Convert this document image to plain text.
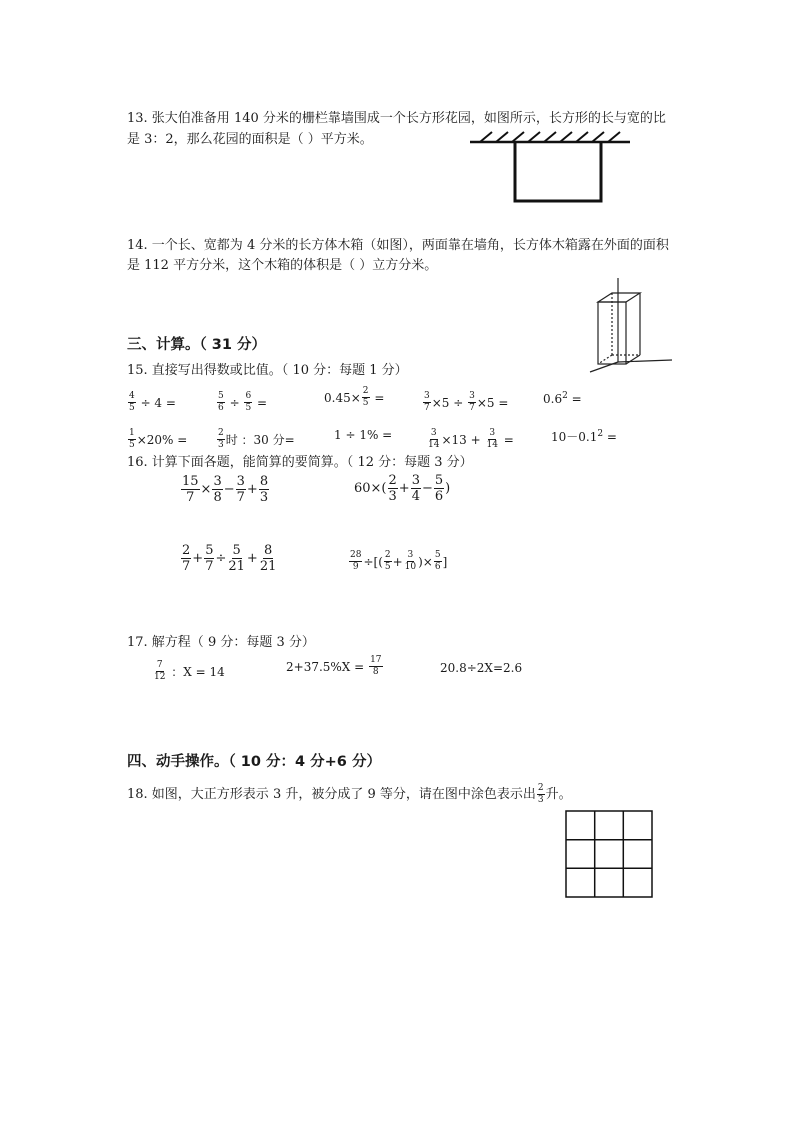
13. 张大伯准备用 140 分米的栅栏靠墙围成一个长方形花园，如图所示，长方形的长与宽的比
是 3：2，那么花园的面积是（ ）平方米。
14. 一个长、宽都为 4 分米的长方体木箱（如图），两面靠在墙角，长方体木箱露在外面的面积
是 112 平方分米，这个木箱的体积是（ ）立方分米。
三、计算。（ 31 分）
15. 直接写出得数或比值。（ 10 分：每题 1 分）
$\frac{4}{5}$
÷ 4 =	$\frac{5}{6}$
÷
$\frac{6}{5}$
=	$0.45\times \frac{2}{5}$
=	$\frac{3}{7} \times 5$ ÷
$\frac{3}{7} \times 5$ =	$0.6^2$ =
$\frac{1}{5} \times 20\%$ =	$\frac{2}{3}$ 时 ：30 分=	1 ÷ 1% =	$\frac{3}{14} \times 13$ +
$\frac{3}{14}$
=	$10-0.1^2$ =
16. 计算下面各题，能简算的要简算。（ 12 分：每题 3 分）
$\frac{15}{7} \times \frac{3}{8} - \frac{3}{7} + \frac{8}{3}$	$60\times( \frac{2}{3} + \frac{3}{4} - \frac{5}{6}$ )
$\frac{2}{7} + \frac{5}{7} \div \frac{5}{21} + \frac{8}{21}$	$\frac{28}{9}$ ÷[( $\frac{2}{5} + \frac{3}{10}$ )× $\frac{5}{6}$ ]
17. 解方程（ 9 分：每题 3 分）
$\frac{7}{12}$
：X = 14	2+37.5%X =
$\frac{17}{8}$	20.8÷2X=2.6
四、动手操作。（ 10 分：4 分+6 分）
18. 如图，大正方形表示 3 升，被分成了 9 等分，请在图中涂色表示出 $\frac{2}{3}$ 升。
